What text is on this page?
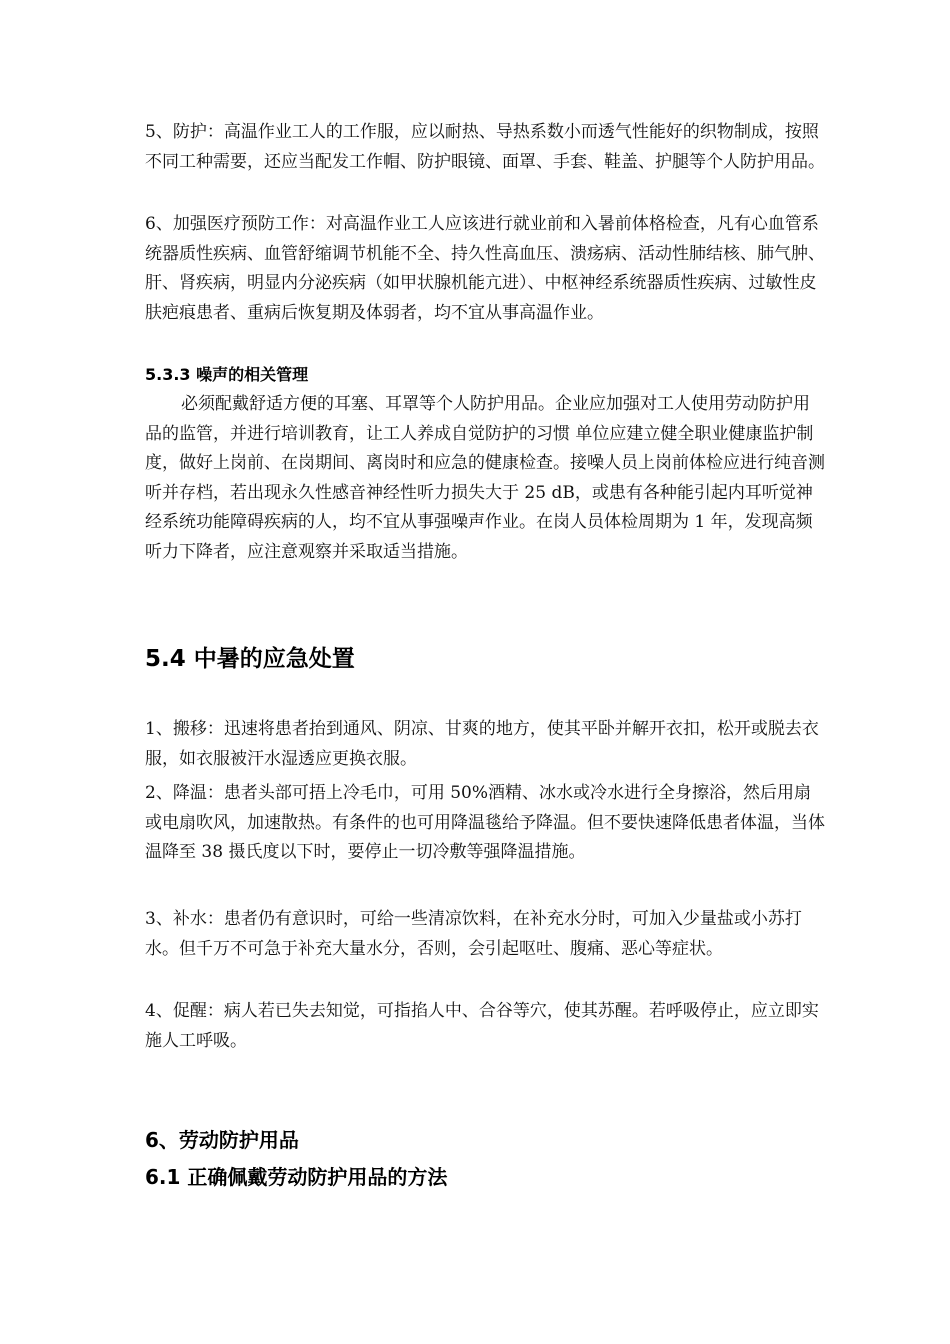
5、防护：高温作业工人的工作服，应以耐热、导热系数小而透气性能好的织物制成，按照不同工种需要，还应当配发工作帽、防护眼镜、面罩、手套、鞋盖、护腿等个人防护用品。

6、加强医疗预防工作：对高温作业工人应该进行就业前和入暑前体格检查，凡有心血管系统器质性疾病、血管舒缩调节机能不全、持久性高血压、溃疡病、活动性肺结核、肺气肿、肝、肾疾病，明显内分泌疾病（如甲状腺机能亢进）、中枢神经系统器质性疾病、过敏性皮肤疤痕患者、重病后恢复期及体弱者，均不宜从事高温作业。

5.3.3 噪声的相关管理

必须配戴舒适方便的耳塞、耳罩等个人防护用品。企业应加强对工人使用劳动防护用品的监管，并进行培训教育，让工人养成自觉防护的习惯 单位应建立健全职业健康监护制度，做好上岗前、在岗期间、离岗时和应急的健康检查。接噪人员上岗前体检应进行纯音测听并存档，若出现永久性感音神经性听力损失大于 25 dB，或患有各种能引起内耳听觉神经系统功能障碍疾病的人，均不宜从事强噪声作业。在岗人员体检周期为 1 年，发现高频听力下降者，应注意观察并采取适当措施。

5.4 中暑的应急处置

1、搬移：迅速将患者抬到通风、阴凉、甘爽的地方，使其平卧并解开衣扣，松开或脱去衣服，如衣服被汗水湿透应更换衣服。

2、降温：患者头部可捂上冷毛巾，可用 50%酒精、冰水或冷水进行全身擦浴，然后用扇或电扇吹风，加速散热。有条件的也可用降温毯给予降温。但不要快速降低患者体温，当体温降至 38 摄氏度以下时，要停止一切冷敷等强降温措施。

3、补水：患者仍有意识时，可给一些清凉饮料，在补充水分时，可加入少量盐或小苏打水。但千万不可急于补充大量水分，否则，会引起呕吐、腹痛、恶心等症状。

4、促醒：病人若已失去知觉，可指掐人中、合谷等穴，使其苏醒。若呼吸停止，应立即实施人工呼吸。

6、劳动防护用品
6.1 正确佩戴劳动防护用品的方法
